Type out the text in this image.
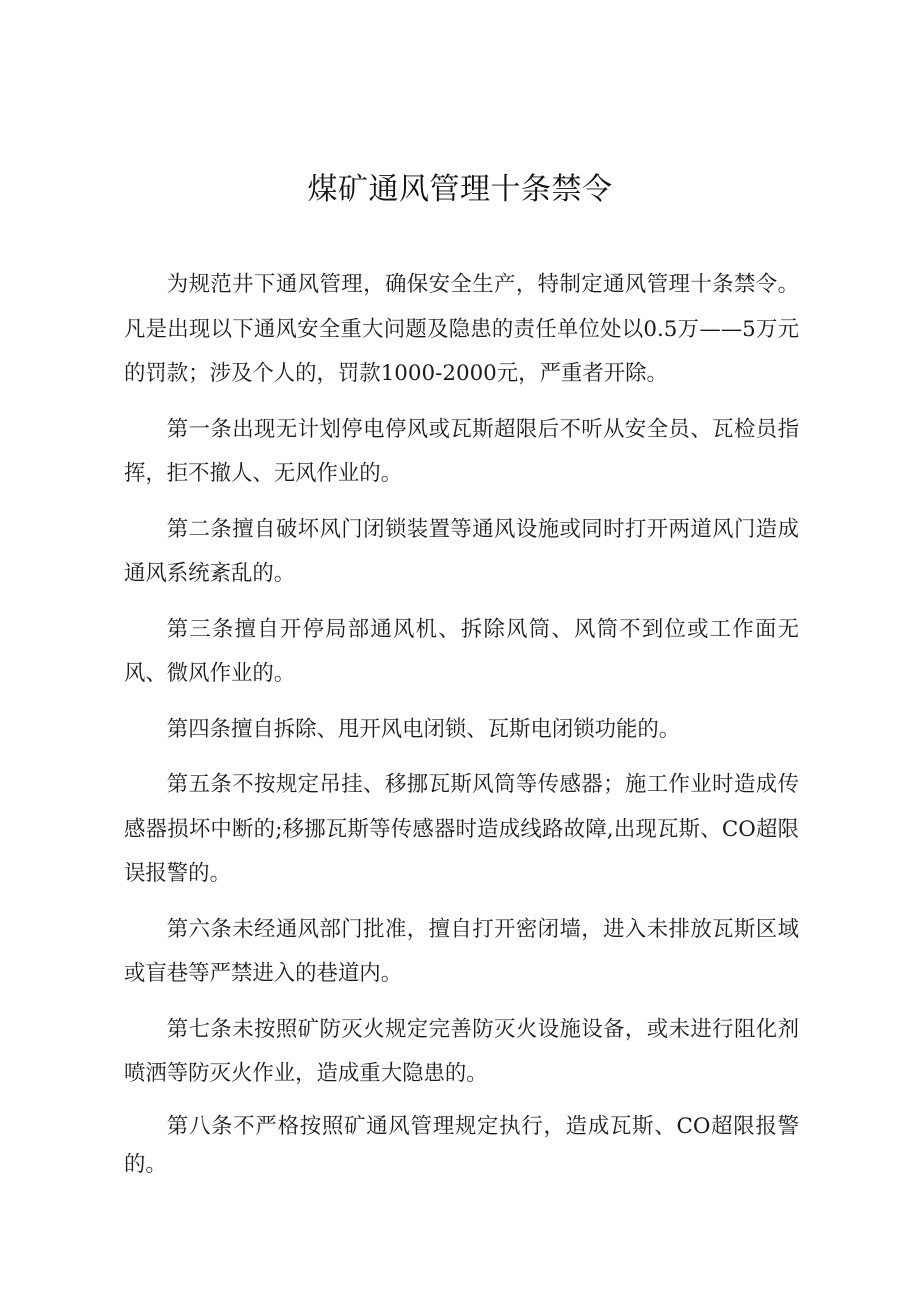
煤矿通风管理十条禁令

为规范井下通风管理，确保安全生产，特制定通风管理十条禁令。凡是出现以下通风安全重大问题及隐患的责任单位处以0.5万——5万元的罚款；涉及个人的，罚款1000-2000元，严重者开除。

第一条出现无计划停电停风或瓦斯超限后不听从安全员、瓦检员指挥，拒不撤人、无风作业的。

第二条擅自破坏风门闭锁装置等通风设施或同时打开两道风门造成通风系统紊乱的。

第三条擅自开停局部通风机、拆除风筒、风筒不到位或工作面无风、微风作业的。

第四条擅自拆除、甩开风电闭锁、瓦斯电闭锁功能的。

第五条不按规定吊挂、移挪瓦斯风筒等传感器；施工作业时造成传感器损坏中断的;移挪瓦斯等传感器时造成线路故障,出现瓦斯、CO超限误报警的。

第六条未经通风部门批准，擅自打开密闭墙，进入未排放瓦斯区域或盲巷等严禁进入的巷道内。

第七条未按照矿防灭火规定完善防灭火设施设备，或未进行阻化剂喷洒等防灭火作业，造成重大隐患的。

第八条不严格按照矿通风管理规定执行，造成瓦斯、CO超限报警的。
